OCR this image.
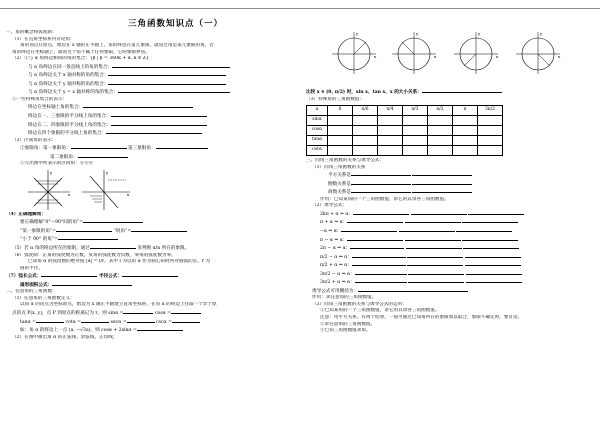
三角函数知识点（一）
一、角的概念和弧度制：
（1）在直角坐标系内讨论角：
角的顶点在原点，始边在 x 轴的正半轴上，角的终边在第几象限，就说过角是第几象限的角，若
角的终边在坐标轴上，就说这个角不属于任何象限，它叫象限界角。
（2）①与 α 角终边相同的角的集合：{β | β = 360k + α, k ∈ Z}
与 α 角终边在同一条直线上的角的集合：
与 α 角终边关于 x 轴对称的角的集合：
与 α 角终边关于 y 轴对称的角的集合：
与 α 角终边关于 y = x 轴对称的角的集合：
②一些特殊角集合的表示：
终边在坐标轴上角的集合：
终边在一、三象限的平分线上角的集合：
终边在二、四象限的平分线上角的集合：
终边在四个象限的平分线上角的集合：
（3）区间角的表示：
①象限角：第一象限角：	第三象限角：
第二象限角：
②写出图中所表示的区间角：⑥⑥⑥
y
x
y
x
（4）正确理解角：
要正确理解“0°～90°间的角”=
“第一象限的角”=	“锐角”=
“小于 90° 的角”=
（5）若 α 角的终边所在的象限，通过	来判断 α/n 所在的象限。
（6）弧度制：正角的弧度数为正数，负角的弧度数为负数，零角的弧度数为零。
已知角 α 的弧度数的绝对值 |α| = l/r，其中 l 为以角 α 作为圆心角时所对圆弧的长，r 为
圆的半径。
（7）弧长公式：	半径公式：
扇形面积公式：
二、任意角的三角函数：
（1）任意角的三角函数定义：
以角 α 的顶点为坐标原点，始边为 x 轴正半轴建立直角坐标系，在角 α 的终边上任取一个异于原
点的点 P(x, y)，点 P 到原点的距离记为 r，则 sinα =	cosα =
tanα =	cotα =	secα =	cscα =
如：角 α 的终边上一点 (a, −√3a)，则 cosα + 2sinα =
（2）在图中画出角 α 的正弦线、余弦线、正切线；
y
x
y
x
y
x
y
x
比较 x ∈ (0, π/2) 时，sin x、tan x、x 的大小关系：
（3）特殊角的三角函数值：
α	0	π/6	π/4	π/3	π/2	π	3π/2
sinα							
cosα							
tanα							
cotα							
三、同角三角函数的关系与诱导公式：
（1）同角三角函数的关系
平方关系是
倒数关系是
商数关系是
作用：已知某角的一个三角函数值，求它的其余各三角函数值。
（2）诱导公式：
2kπ + α ⇒ α：
π + α ⇒ α：
−α ⇒ α：
π − α ⇒ α：
2π − α ⇒ α：
π/2 − α ⇒ α：
π/2 + α ⇒ α：
3π/2 − α ⇒ α：
3π/2 + α ⇒ α：
诱导公式可用概括为：
作用：求任意角的三角函数值。
（3）同角三角函数的关系与诱导公式的运用：
①已知某角的一个三角函数值，求它的其余各三角函数值。
注意：用平方关系，有两个结果，一般可通过已知角所在的象限加以取合，象限不确定时，要讨论。
②求任意角的三角函数值。
③已知三角函数值求角。
